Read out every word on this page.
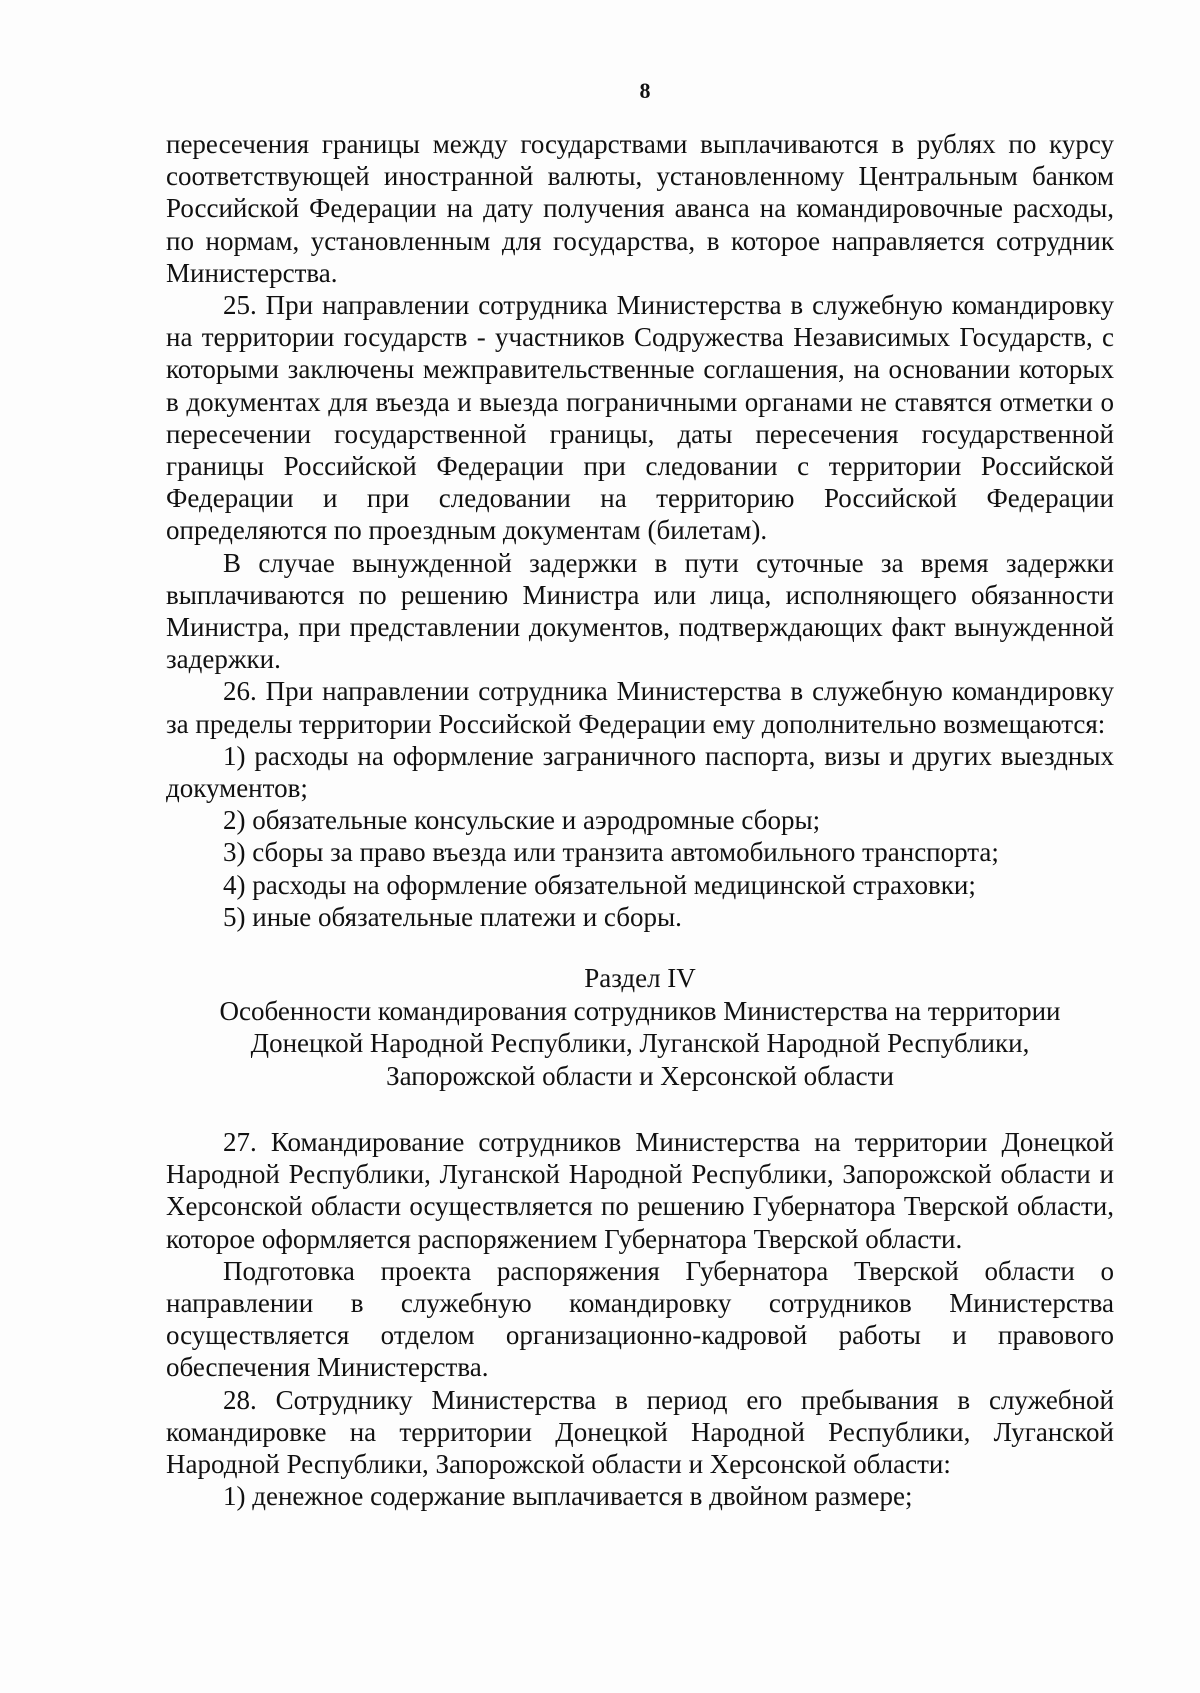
8

пересечения границы между государствами выплачиваются в рублях по курсу соответствующей иностранной валюты, установленному Центральным банком Российской Федерации на дату получения аванса на командировочные расходы, по нормам, установленным для государства, в которое направляется сотрудник Министерства.

25. При направлении сотрудника Министерства в служебную командировку на территории государств - участников Содружества Независимых Государств, с которыми заключены межправительственные соглашения, на основании которых в документах для въезда и выезда пограничными органами не ставятся отметки о пересечении государственной границы, даты пересечения государственной границы Российской Федерации при следовании с территории Российской Федерации и при следовании на территорию Российской Федерации определяются по проездным документам (билетам).

В случае вынужденной задержки в пути суточные за время задержки выплачиваются по решению Министра или лица, исполняющего обязанности Министра, при представлении документов, подтверждающих факт вынужденной задержки.

26. При направлении сотрудника Министерства в служебную командировку за пределы территории Российской Федерации ему дополнительно возмещаются:

1) расходы на оформление заграничного паспорта, визы и других выездных документов;

2) обязательные консульские и аэродромные сборы;

3) сборы за право въезда или транзита автомобильного транспорта;

4) расходы на оформление обязательной медицинской страховки;

5) иные обязательные платежи и сборы.

Раздел IV
Особенности командирования сотрудников Министерства на территории
Донецкой Народной Республики, Луганской Народной Республики,
Запорожской области и Херсонской области

27. Командирование сотрудников Министерства на территории Донецкой Народной Республики, Луганской Народной Республики, Запорожской области и Херсонской области осуществляется по решению Губернатора Тверской области, которое оформляется распоряжением Губернатора Тверской области.

Подготовка проекта распоряжения Губернатора Тверской области о направлении в служебную командировку сотрудников Министерства осуществляется отделом организационно-кадровой работы и правового обеспечения Министерства.

28. Сотруднику Министерства в период его пребывания в служебной командировке на территории Донецкой Народной Республики, Луганской Народной Республики, Запорожской области и Херсонской области:

1) денежное содержание выплачивается в двойном размере;
